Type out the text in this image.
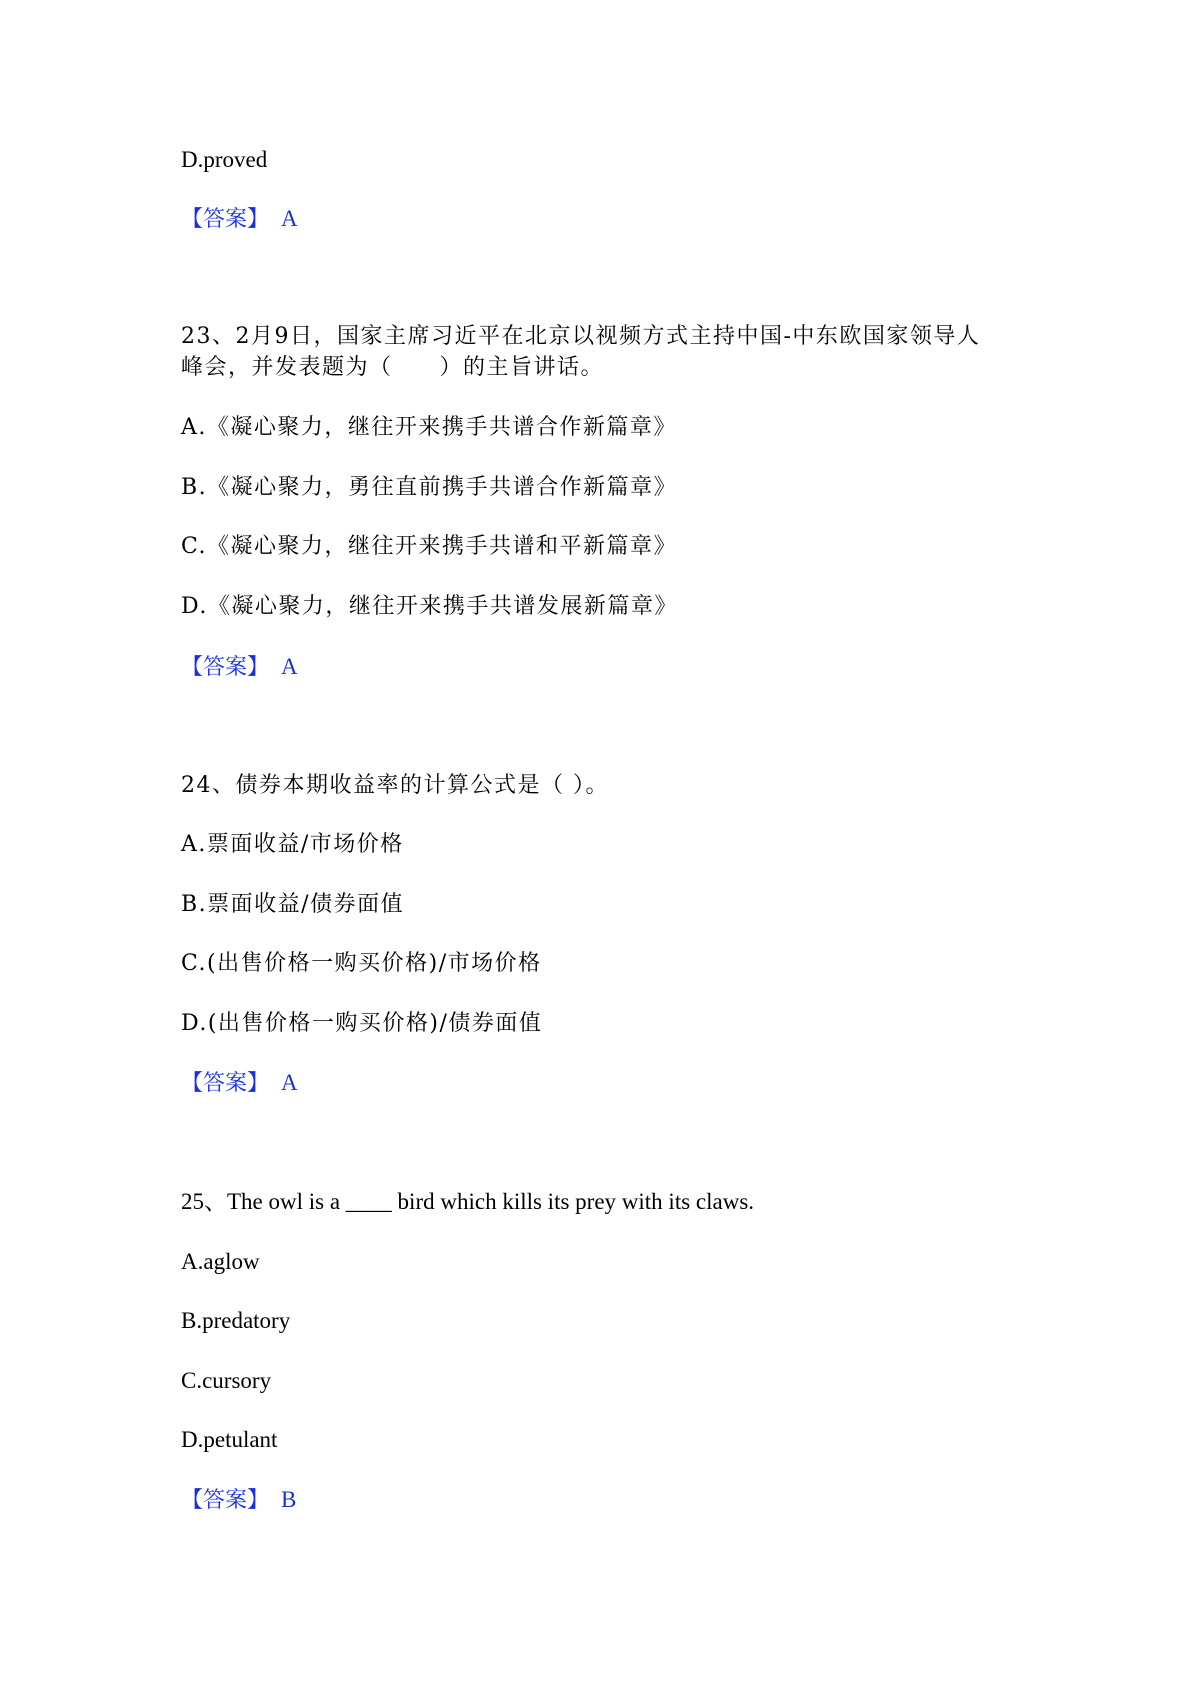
D.proved

【答案】 A

23、2月9日，国家主席习近平在北京以视频方式主持中国-中东欧国家领导人

峰会，并发表题为（　　）的主旨讲话。

A.《凝心聚力，继往开来携手共谱合作新篇章》

B.《凝心聚力，勇往直前携手共谱合作新篇章》

C.《凝心聚力，继往开来携手共谱和平新篇章》

D.《凝心聚力，继往开来携手共谱发展新篇章》

【答案】 A

24、债券本期收益率的计算公式是（ ）。

A.票面收益/市场价格

B.票面收益/债券面值

C.(出售价格一购买价格)/市场价格

D.(出售价格一购买价格)/债券面值

【答案】 A

25、The owl is a ____ bird which kills its prey with its claws.

A.aglow

B.predatory

C.cursory

D.petulant

【答案】 B
